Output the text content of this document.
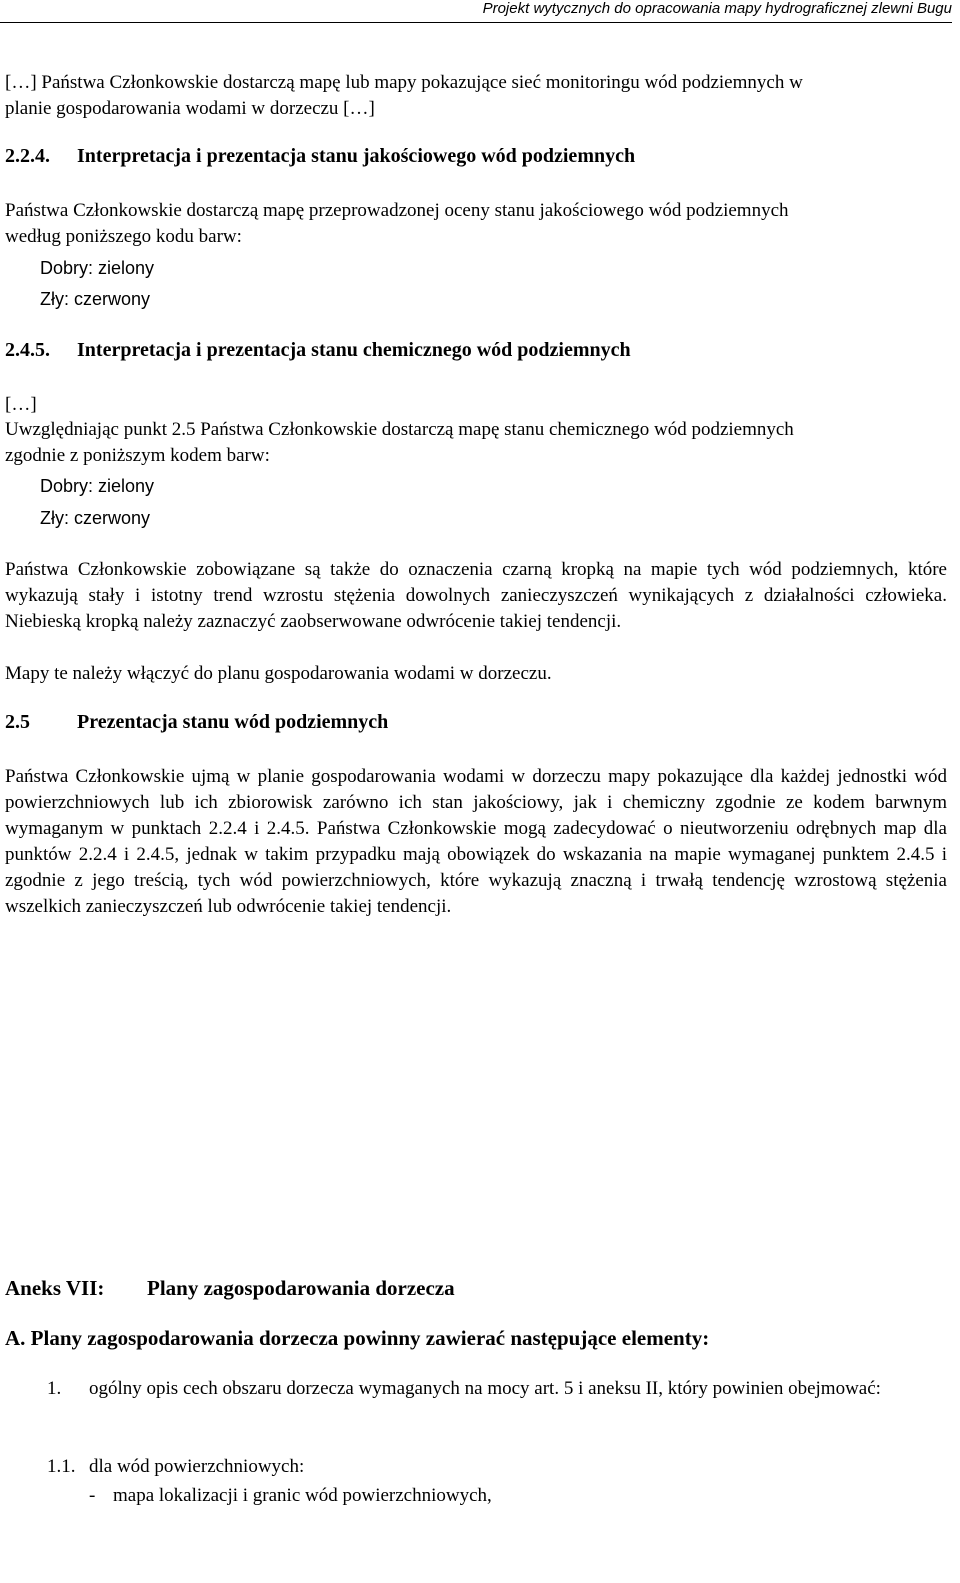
Projekt wytycznych do opracowania mapy hydrograficznej zlewni Bugu
[…] Państwa Członkowskie dostarczą mapę lub mapy pokazujące sieć monitoringu wód podziemnych w
planie gospodarowania wodami w dorzeczu […]
2.2.4. Interpretacja i prezentacja stanu jakościowego wód podziemnych
Państwa Członkowskie dostarczą mapę przeprowadzonej oceny stanu jakościowego wód podziemnych
według poniższego kodu barw:
Dobry: zielony
Zły: czerwony
2.4.5. Interpretacja i prezentacja stanu chemicznego wód podziemnych
[…]
Uwzględniając punkt 2.5 Państwa Członkowskie dostarczą mapę stanu chemicznego wód podziemnych
zgodnie z poniższym kodem barw:
Dobry: zielony
Zły: czerwony
Państwa Członkowskie zobowiązane są także do oznaczenia czarną kropką na mapie tych wód podziemnych, które wykazują stały i istotny trend wzrostu stężenia dowolnych zanieczyszczeń wynikających z działalności człowieka. Niebieską kropką należy zaznaczyć zaobserwowane odwrócenie takiej tendencji.
Mapy te należy włączyć do planu gospodarowania wodami w dorzeczu.
2.5 Prezentacja stanu wód podziemnych
Państwa Członkowskie ujmą w planie gospodarowania wodami w dorzeczu mapy pokazujące dla każdej jednostki wód powierzchniowych lub ich zbiorowisk zarówno ich stan jakościowy, jak i chemiczny zgodnie ze kodem barwnym wymaganym w punktach 2.2.4 i 2.4.5. Państwa Członkowskie mogą zadecydować o nieutworzeniu odrębnych map dla punktów 2.2.4 i 2.4.5, jednak w takim przypadku mają obowiązek do wskazania na mapie wymaganej punktem 2.4.5 i zgodnie z jego treścią, tych wód powierzchniowych, które wykazują znaczną i trwałą tendencję wzrostową stężenia wszelkich zanieczyszczeń lub odwrócenie takiej tendencji.
Aneks VII: Plany zagospodarowania dorzecza
A. Plany zagospodarowania dorzecza powinny zawierać następujące elementy:
1. ogólny opis cech obszaru dorzecza wymaganych na mocy art. 5 i aneksu II, który powinien obejmować:
1.1. dla wód powierzchniowych:
- mapa lokalizacji i granic wód powierzchniowych,
